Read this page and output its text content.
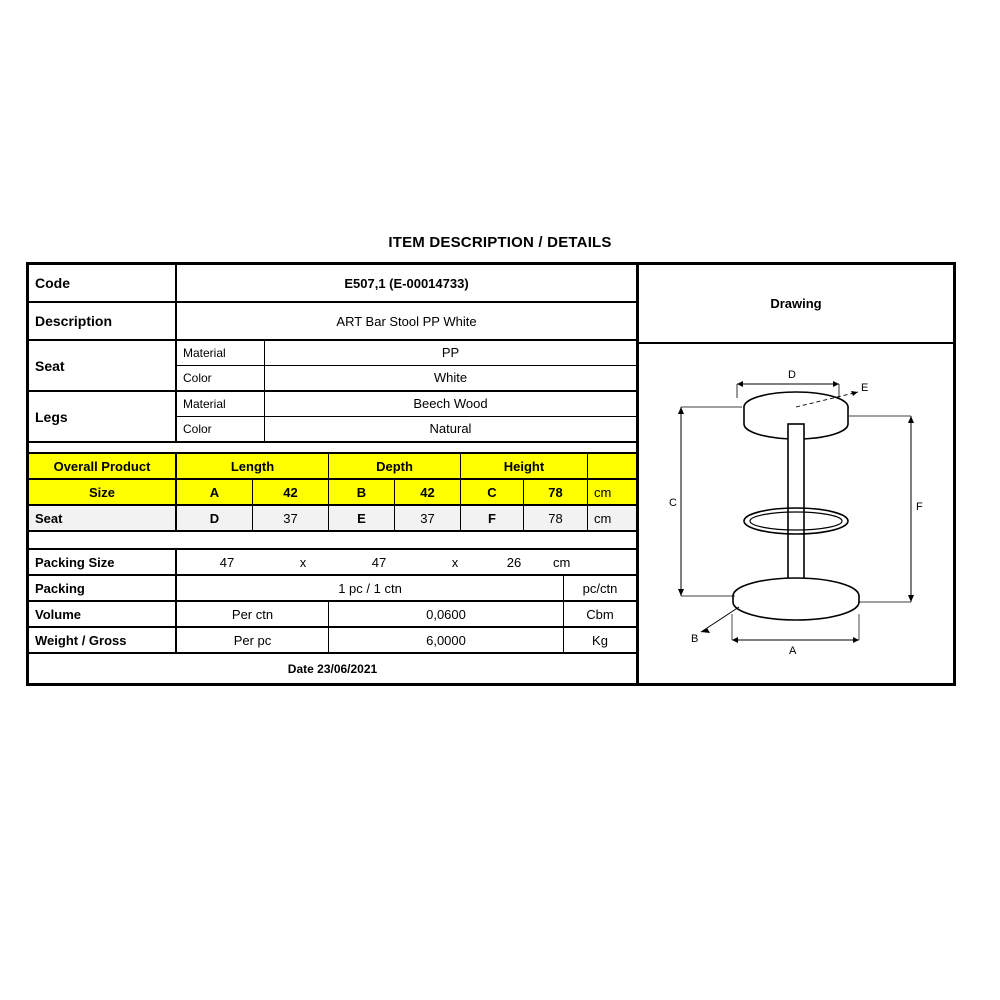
ITEM DESCRIPTION / DETAILS
Code	E507,1 (E-00014733)
Description	ART Bar Stool PP White
Seat
Material	PP
Color	White
Legs
Material	Beech Wood
Color	Natural
Overall Product	Length	Depth	Height
Size	A	42	B	42	C	78	cm
Seat	D	37	E	37	F	78	cm
Packing Size	47	x	47	x	26	cm
Packing	1 pc / 1 ctn	pc/ctn
Volume	Per ctn	0,0600	Cbm
Weight / Gross	Per pc	6,0000	Kg
Date 23/06/2021
Drawing
D
E
C	F
B
A
